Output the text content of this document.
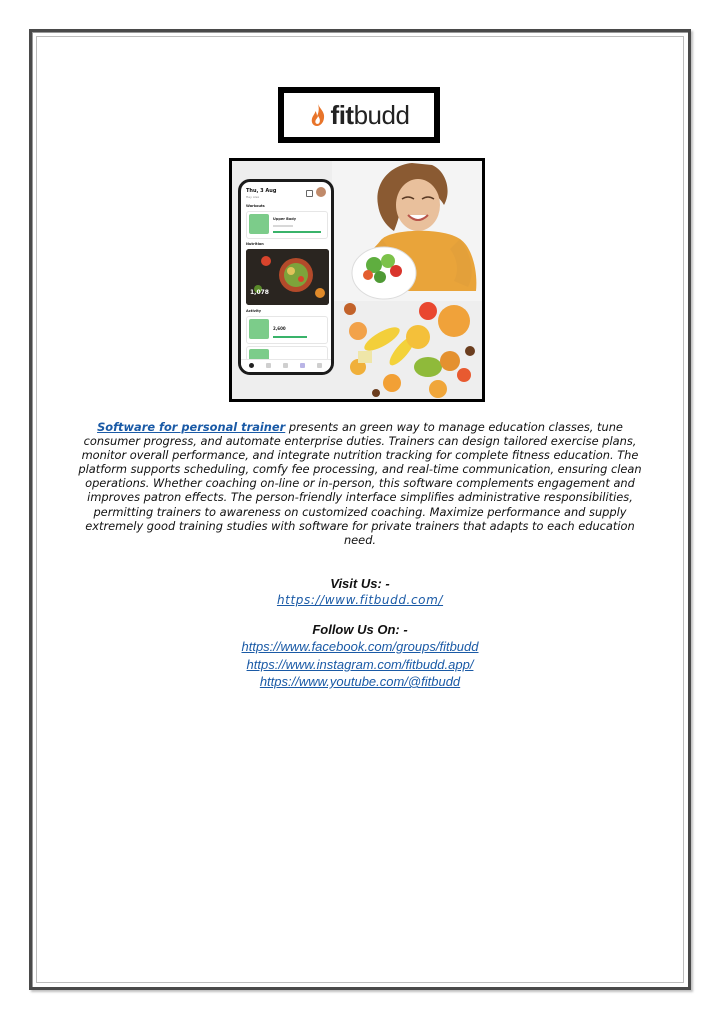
fitbudd
Thu, 3 Aug
Hey Alex
Workouts
Upper Body
Nutrition
1,078
Activity
2,600

Software for personal trainer presents an green way to manage education classes, tune consumer progress, and automate enterprise duties. Trainers can design tailored exercise plans, monitor overall performance, and integrate nutrition tracking for complete fitness education. The platform supports scheduling, comfy fee processing, and real-time communication, ensuring clean operations. Whether coaching on-line or in-person, this software complements engagement and improves patron effects. The person-friendly interface simplifies administrative responsibilities, permitting trainers to awareness on customized coaching. Maximize performance and supply extremely good training studies with software for private trainers that adapts to each education need.

Visit Us: -
https://www.fitbudd.com/
Follow Us On: -
https://www.facebook.com/groups/fitbudd
https://www.instagram.com/fitbudd.app/
https://www.youtube.com/@fitbudd
